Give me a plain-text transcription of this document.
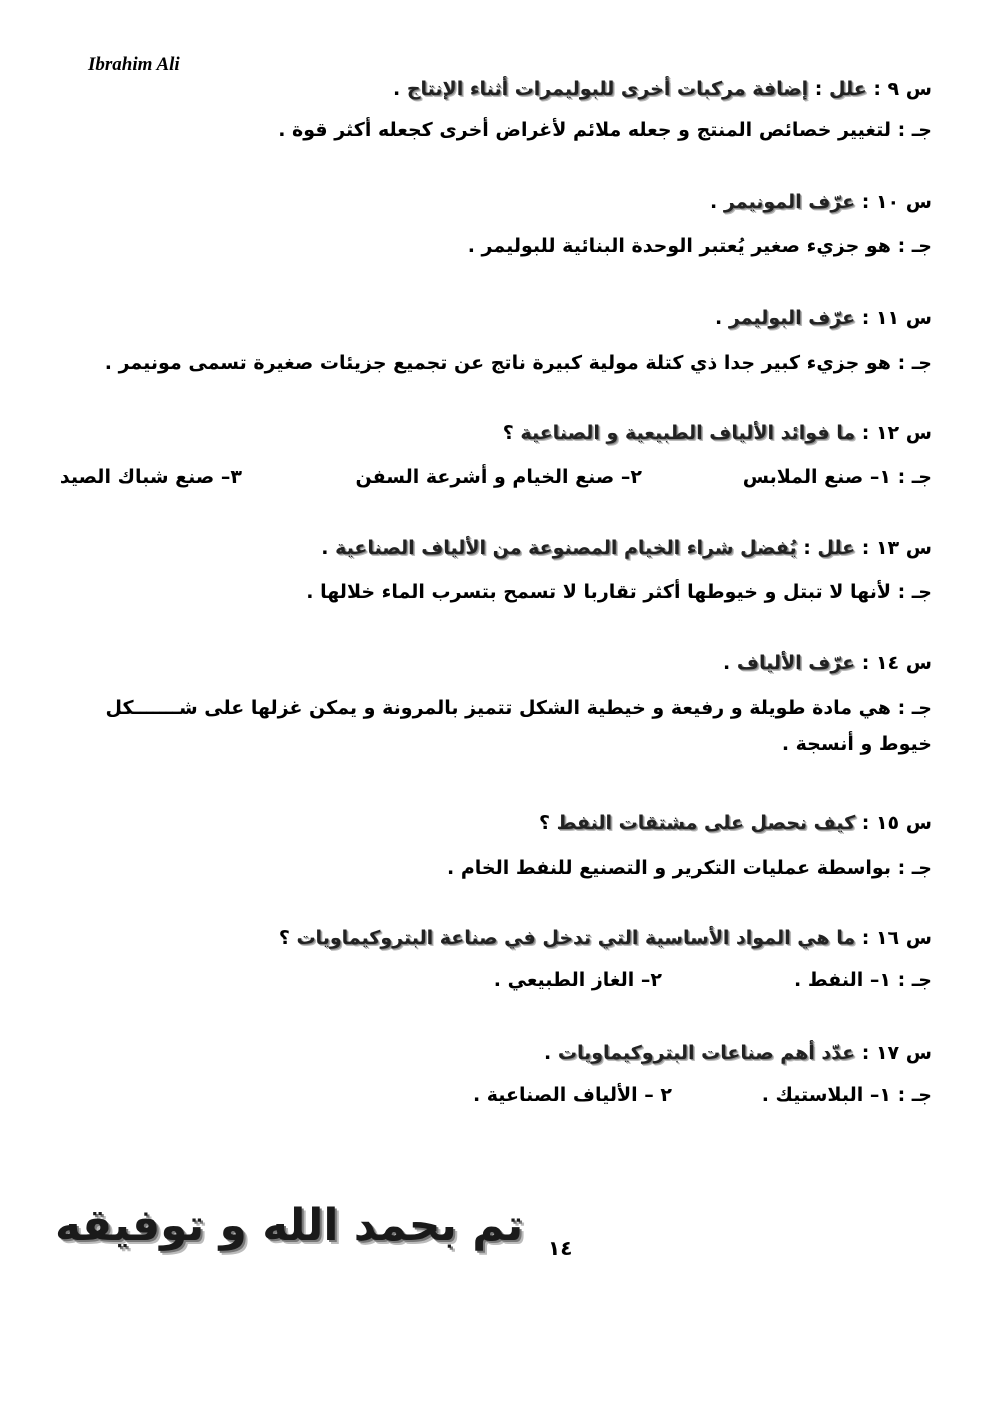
Ibrahim Ali
س ٩ : علل : إضافة مركبات أخرى للبوليمرات أثناء الإنتاج .
جـ : لتغيير خصائص المنتج و جعله ملائم لأغراض أخرى كجعله أكثر قوة .
س ١٠ : عرّف المونيمر .
جـ : هو جزيء صغير يُعتبر الوحدة البنائية للبوليمر .
س ١١ : عرّف البوليمر .
جـ : هو جزيء كبير جدا ذي كتلة مولية كبيرة ناتج عن تجميع جزيئات صغيرة تسمى مونيمر .
س ١٢ : ما فوائد الألياف الطبيعية و الصناعية ؟
جـ : ١– صنع الملابس
٢– صنع الخيام و أشرعة السفن
٣– صنع شباك الصيد
س ١٣ : علل : يُفضل شراء الخيام المصنوعة من الألياف الصناعية .
جـ : لأنها لا تبتل و خيوطها أكثر تقاربا لا تسمح بتسرب الماء خلالها .
س ١٤ : عرّف الألياف .
جـ : هي مادة طويلة و رفيعة و خيطية الشكل تتميز بالمرونة و يمكن غزلها على شـــــــكل خيوط و أنسجة .
س ١٥ : كيف نحصل على مشتقات النفط ؟
جـ : بواسطة عمليات التكرير و التصنيع للنفط الخام .
س ١٦ : ما هي المواد الأساسية التي تدخل في صناعة البتروكيماويات ؟
جـ : ١– النفط .
٢– الغاز الطبيعي .
س ١٧ : عدّد أهم صناعات البتروكيماويات .
جـ : ١– البلاستيك .
٢ – الألياف الصناعية .
تم بحمد الله و توفيقه ١٤
